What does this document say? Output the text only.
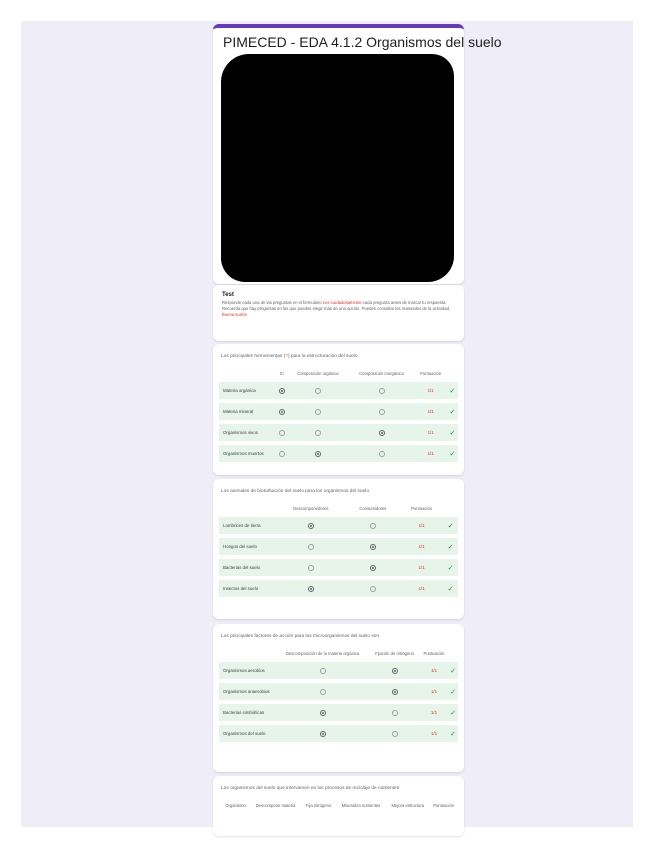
PIMECED - EDA 4.1.2 Organismos del suelo
Test
Responde cada una de las preguntas en el formulario Lee cuidadosamente cada pregunta antes de marcar tu respuesta. Recuerda que hay preguntas en las que puedes elegir más de una opción. Puedes consultar los materiales de la actividad. Buena suerte
Los principales herramientas (?) para la estructuración del suelo
	Sí	Composición orgánica	Composición inorgánica	Puntuación	
Materia orgánica				1/1	✓
Materia mineral				1/1	✓
Organismos vivos				1/1	✓
Organismos muertos				1/1	✓
Los animales de bioturbación del suelo para los organismos del suelo
	Descomponedores	Consumidores	Puntuación	
Lombrices de tierra			1/1	✓
Hongos del suelo			1/1	✓
Bacterias del suelo			1/1	✓
Insectos del suelo			1/1	✓
Los principales factores de acción para los microorganismos del suelo son
	Descomposición de la materia orgánica	Fijación de nitrógeno	Puntuación	
Organismos aerobios			1/1	✓
Organismos anaerobios			1/1	✓
Bacterias simbióticas			1/1	✓
Organismos del suelo			1/1	✓
Los organismos del suelo que intervienen en los procesos de reciclaje de nutrientes
	Organismo	Descompone materia	Fija nitrógeno	Mineraliza nutrientes	Mejora estructura	Puntuación
